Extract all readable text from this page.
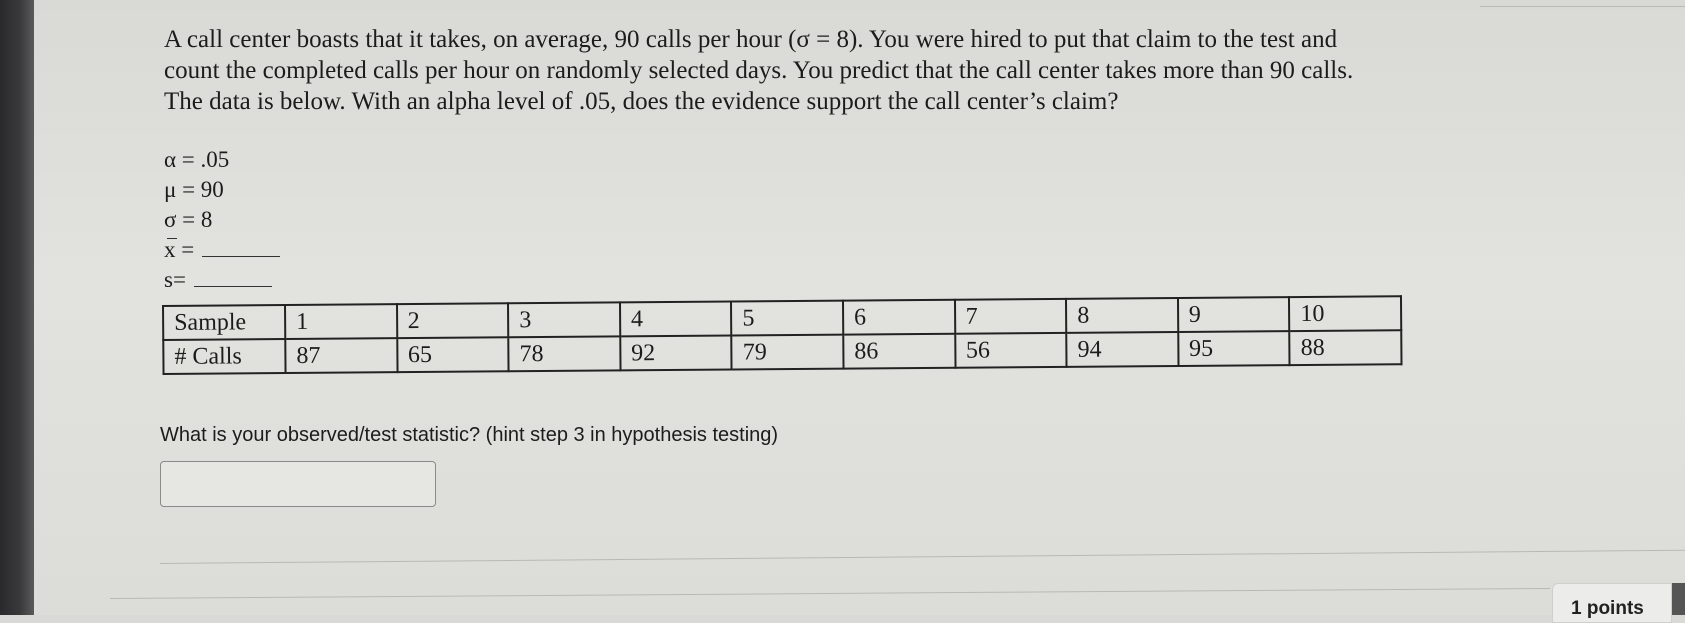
A call center boasts that it takes, on average, 90 calls per hour (σ = 8). You were hired to put that claim to the test and
count the completed calls per hour on randomly selected days. You predict that the call center takes more than 90 calls.
The data is below. With an alpha level of .05, does the evidence support the call center’s claim?
α = .05
μ = 90
σ = 8
x =
s=
Sample	1	2	3	4	5	6	7	8	9	10
# Calls	87	65	78	92	79	86	56	94	95	88

What is your observed/test statistic? (hint step 3 in hypothesis testing)

1 points
